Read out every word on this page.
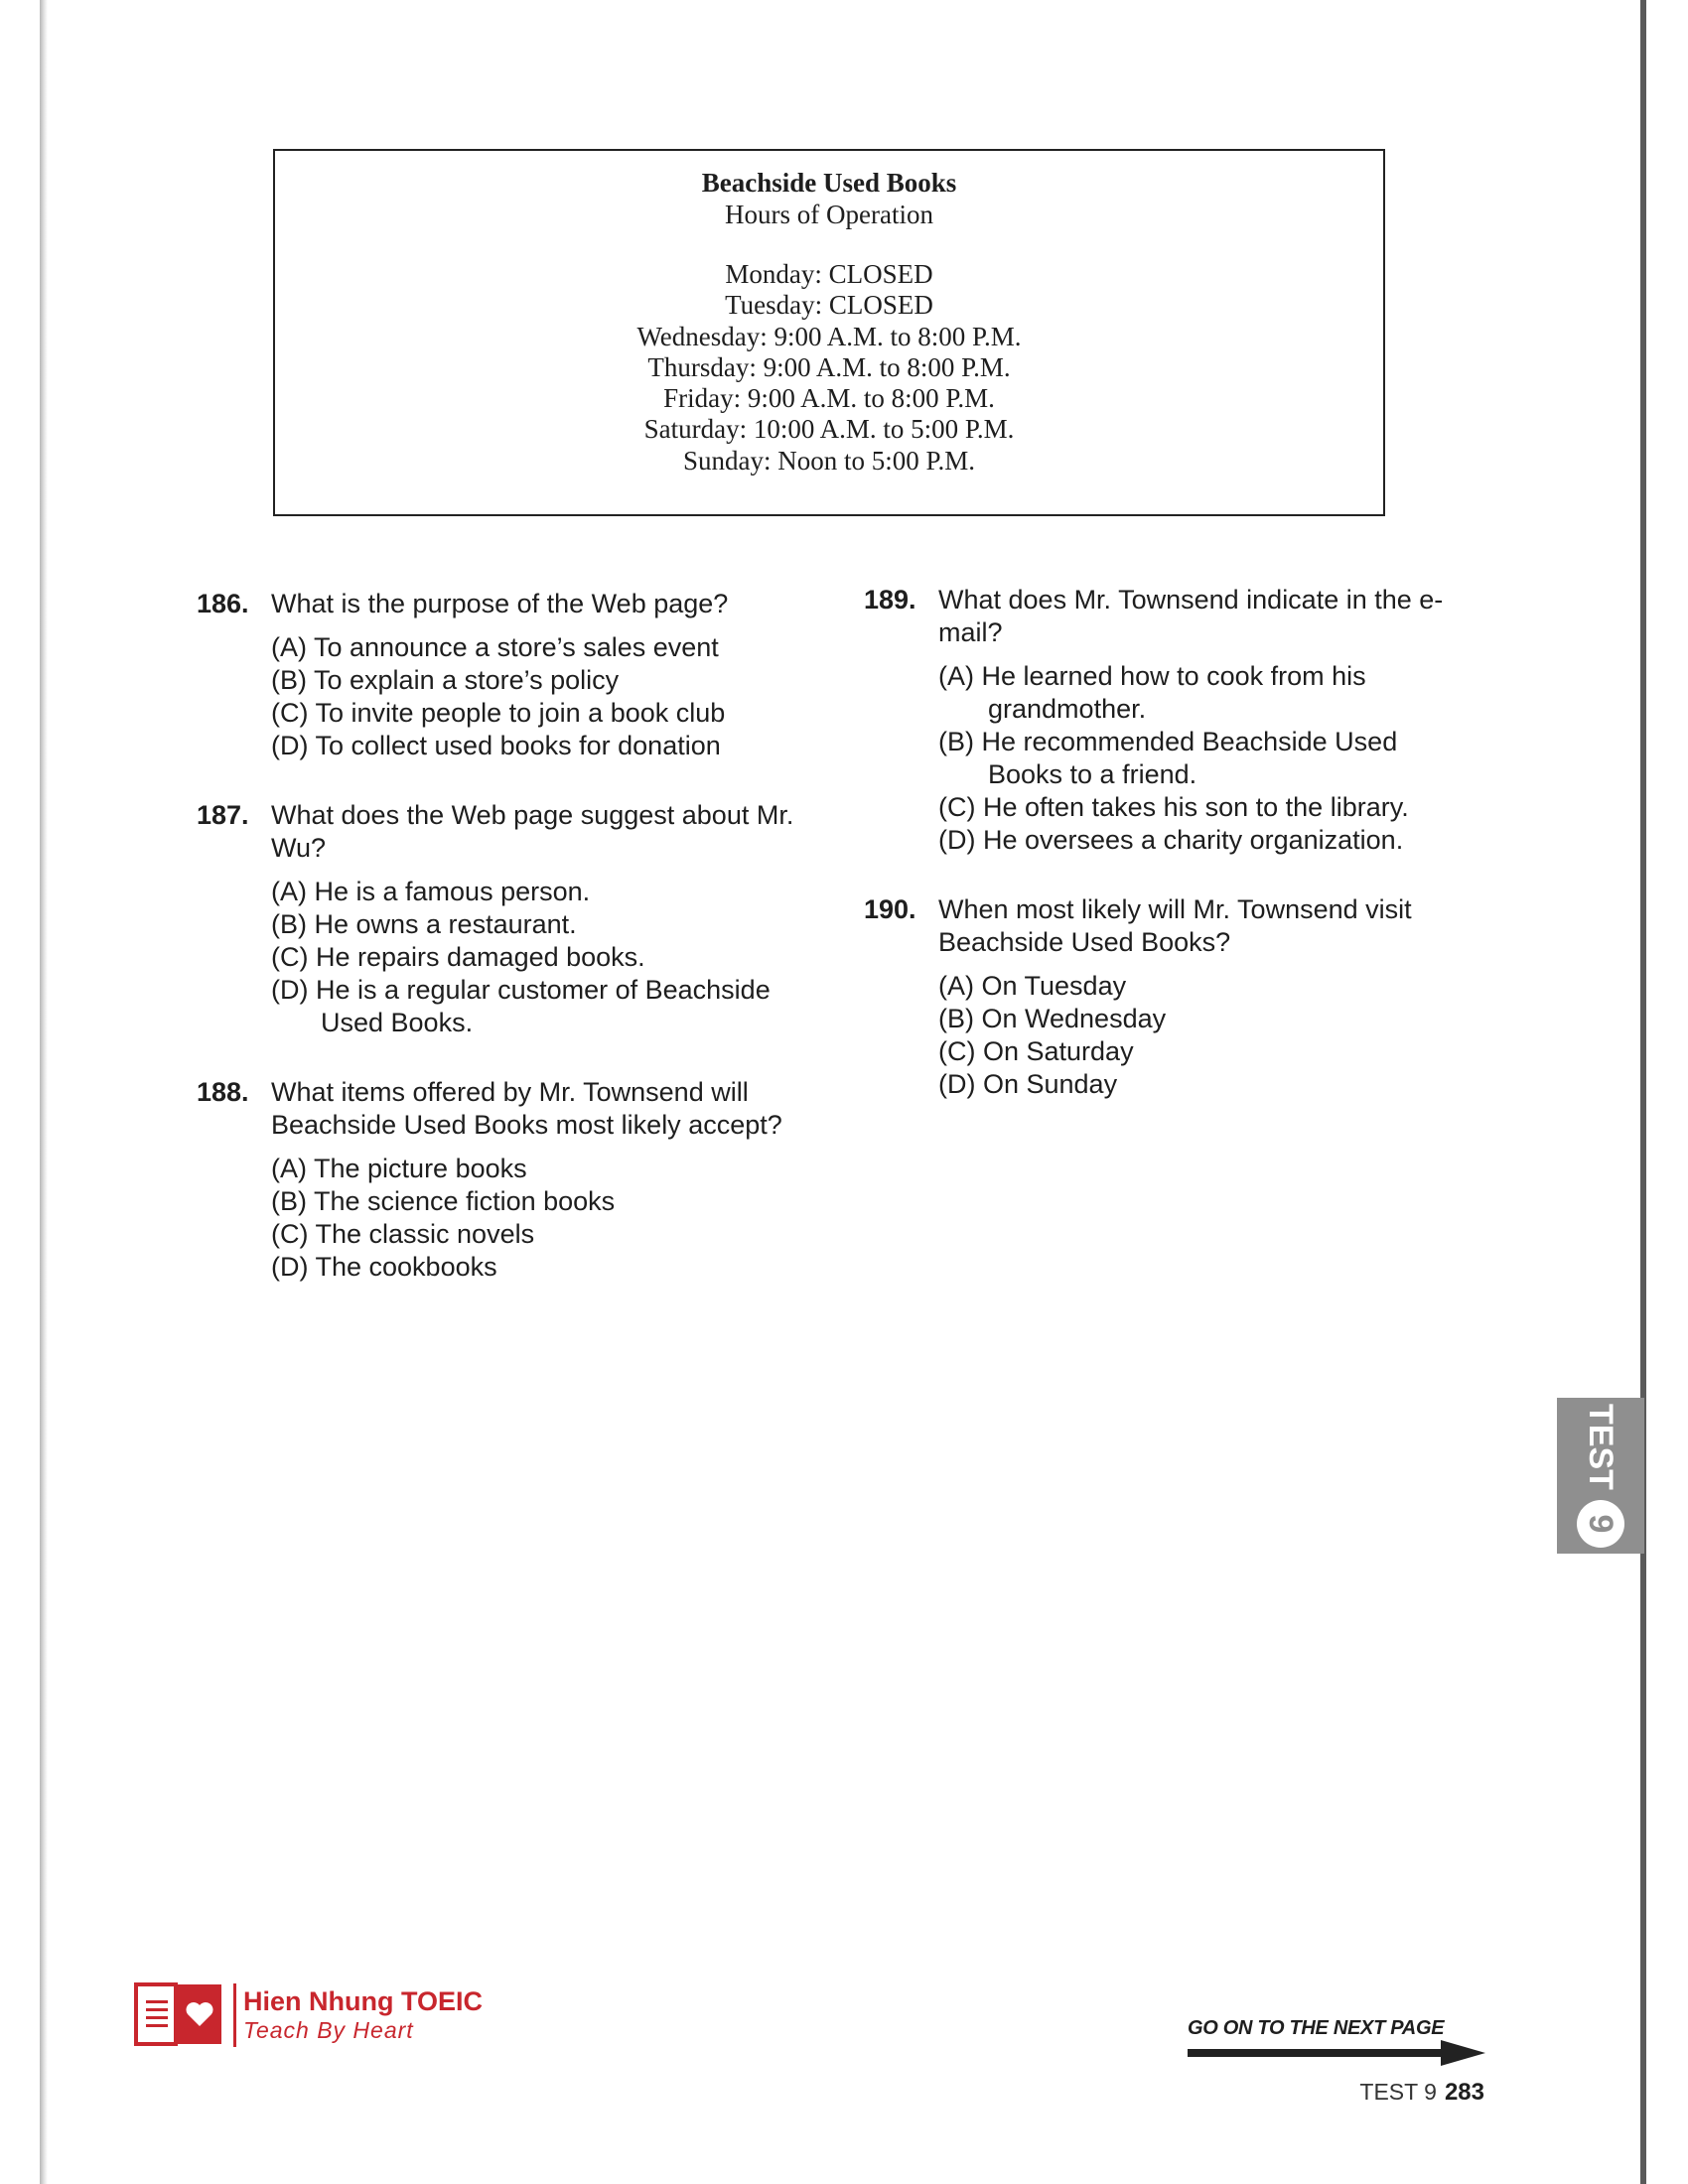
Beachside Used Books
Hours of Operation
Monday: CLOSED
Tuesday: CLOSED
Wednesday: 9:00 A.M. to 8:00 P.M.
Thursday: 9:00 A.M. to 8:00 P.M.
Friday: 9:00 A.M. to 8:00 P.M.
Saturday: 10:00 A.M. to 5:00 P.M.
Sunday: Noon to 5:00 P.M.
186. What is the purpose of the Web page?
(A) To announce a store’s sales event
(B) To explain a store’s policy
(C) To invite people to join a book club
(D) To collect used books for donation
187. What does the Web page suggest about Mr. Wu?
(A) He is a famous person.
(B) He owns a restaurant.
(C) He repairs damaged books.
(D) He is a regular customer of Beachside Used Books.
188. What items offered by Mr. Townsend will Beachside Used Books most likely accept?
(A) The picture books
(B) The science fiction books
(C) The classic novels
(D) The cookbooks
189. What does Mr. Townsend indicate in the e-mail?
(A) He learned how to cook from his grandmother.
(B) He recommended Beachside Used Books to a friend.
(C) He often takes his son to the library.
(D) He oversees a charity organization.
190. When most likely will Mr. Townsend visit Beachside Used Books?
(A) On Tuesday
(B) On Wednesday
(C) On Saturday
(D) On Sunday
TEST
9
Hien Nhung TOEIC
Teach By Heart	GO ON TO THE NEXT PAGE
TEST 9 283
